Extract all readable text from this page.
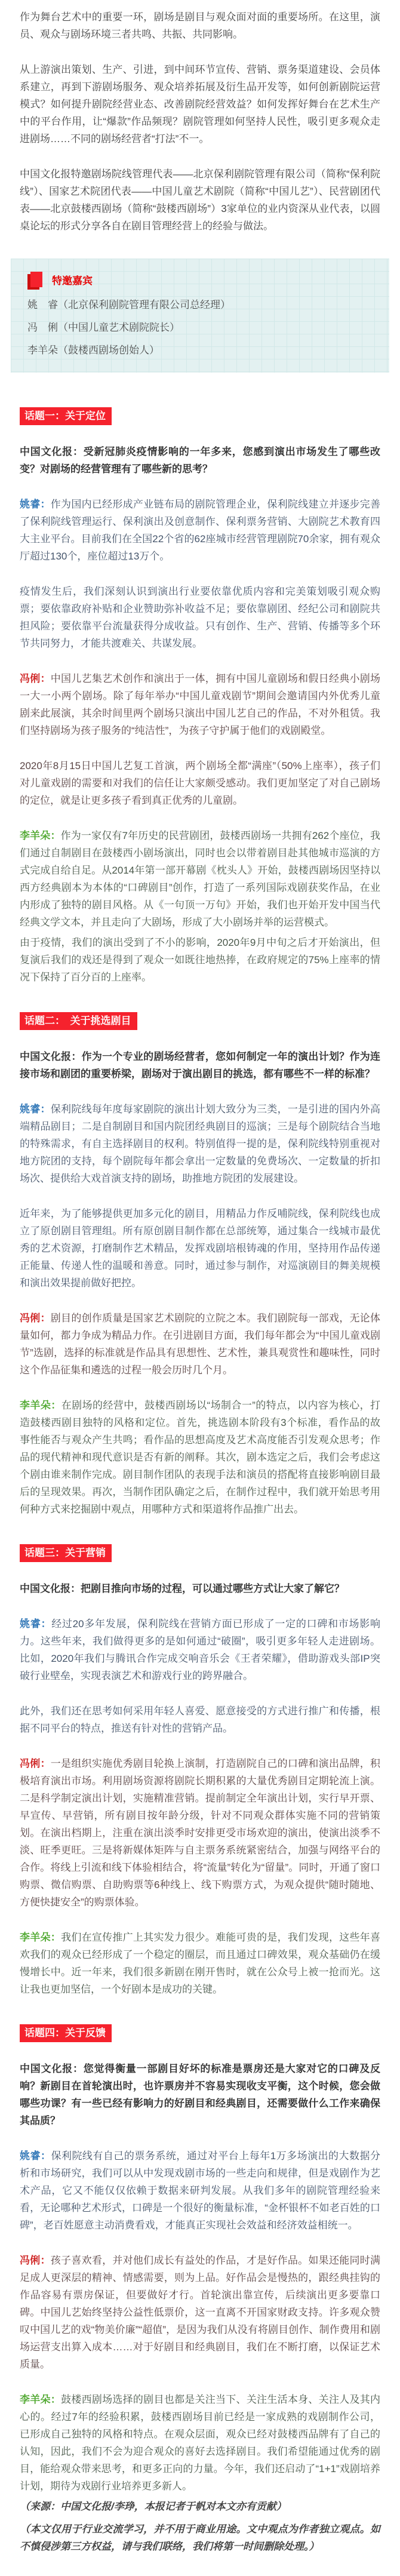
作为舞台艺术中的重要一环，剧场是剧目与观众面对面的重要场所。在这里，演员、观众与剧场环境三者共鸣、共振、共同影响。

从上游演出策划、生产、引进，到中间环节宣传、营销、票务渠道建设、会员体系建立，再到下游剧场服务、观众培养拓展及衍生品开发等，如何创新剧院运营模式？如何提升剧院经营业态、改善剧院经营效益？如何发挥好舞台在艺术生产中的平台作用，让“爆款”作品频现？剧院管理如何坚持人民性，吸引更多观众走进剧场……不同的剧场经营者“打法”不一。

中国文化报特邀剧场院线管理代表——北京保利剧院管理有限公司（简称“保利院线”）、国家艺术院团代表——中国儿童艺术剧院（简称“中国儿艺”）、民营剧团代表——北京鼓楼西剧场（简称“鼓楼西剧场”）3家单位的业内资深从业代表，以圆桌论坛的形式分享各自在剧目管理经营上的经验与做法。

特邀嘉宾

姚　睿（北京保利剧院管理有限公司总经理）

冯　俐（中国儿童艺术剧院院长）

李羊朵（鼓楼西剧场创始人）

话题一：关于定位

中国文化报：受新冠肺炎疫情影响的一年多来，您感到演出市场发生了哪些改变？对剧场的经营管理有了哪些新的思考？

姚睿：作为国内已经形成产业链布局的剧院管理企业，保利院线建立并逐步完善了保利院线管理运行、保利演出及创意制作、保利票务营销、大剧院艺术教育四大主业平台。目前我们在全国22个省的62座城市经营管理剧院70余家，拥有观众厅超过130个，座位超过13万个。

疫情发生后，我们深刻认识到演出行业要依靠优质内容和完美策划吸引观众购票；要依靠政府补贴和企业赞助弥补收益不足；要依靠剧团、经纪公司和剧院共担风险；要依靠平台流量获得分成收益。只有创作、生产、营销、传播等多个环节共同努力，才能共渡难关、共谋发展。

冯俐：中国儿艺集艺术创作和演出于一体，拥有中国儿童剧场和假日经典小剧场一大一小两个剧场。除了每年举办“中国儿童戏剧节”期间会邀请国内外优秀儿童剧来此展演，其余时间里两个剧场只演出中国儿艺自己的作品，不对外租赁。我们坚持剧场为孩子服务的“纯洁性”，为孩子守护属于他们的戏剧殿堂。

2020年8月15日中国儿艺复工首演，两个剧场全都“满座”（50%上座率），孩子们对儿童戏剧的需要和对我们的信任让大家颇受感动。我们更加坚定了对自己剧场的定位，就是让更多孩子看到真正优秀的儿童剧。

李羊朵：作为一家仅有7年历史的民营剧团，鼓楼西剧场一共拥有262个座位，我们通过自制剧目在鼓楼西小剧场演出，同时也会以带着剧目赴其他城市巡演的方式完成自给自足。从2014年第一部开幕剧《枕头人》开始，鼓楼西剧场因坚持以西方经典剧本为本体的“口碑剧目”创作，打造了一系列国际戏剧获奖作品，在业内形成了独特的剧目风格。从《一句顶一万句》开始，我们也开始开发中国当代经典文学文本，并且走向了大剧场，形成了大小剧场并举的运营模式。

由于疫情，我们的演出受到了不小的影响，2020年9月中旬之后才开始演出，但复演后我们的戏还是得到了观众一如既往地热捧，在政府规定的75%上座率的情况下保持了百分百的上座率。

话题二：　关于挑选剧目

中国文化报：作为一个专业的剧场经营者，您如何制定一年的演出计划？作为连接市场和剧团的重要桥梁，剧场对于演出剧目的挑选，都有哪些不一样的标准？

姚睿：保利院线每年度每家剧院的演出计划大致分为三类，一是引进的国内外高端精品剧目；二是自制剧目和国内院团经典剧目的巡演；三是每个剧院结合当地的特殊需求，有自主选择剧目的权利。特别值得一提的是，保利院线特别重视对地方院团的支持，每个剧院每年都会拿出一定数量的免费场次、一定数量的折扣场次、提供给大戏首演支持的剧场，助推地方院团的发展建设。

近年来，为了能够提供更加多元化的剧目，用精品力作反哺院线，保利院线也成立了原创剧目管理组。所有原创剧目制作都在总部统筹，通过集合一线城市最优秀的艺术资源，打磨制作艺术精品，发挥戏剧培根铸魂的作用，坚持用作品传递正能量、传递人性的温暖和善意。同时，通过参与制作，对巡演剧目的舞美规模和演出效果提前做好把控。

冯俐：剧目的创作质量是国家艺术剧院的立院之本。我们剧院每一部戏，无论体量如何，都力争成为精品力作。在引进剧目方面，我们每年都会为“中国儿童戏剧节”选剧，选择的标准就是作品具有思想性、艺术性，兼具观赏性和趣味性，同时这个作品征集和遴选的过程一般会历时几个月。

李羊朵：在剧场的经营中，鼓楼西剧场以“场制合一”的特点，以内容为核心，打造鼓楼西剧目独特的风格和定位。首先，挑选剧本阶段有3个标准，看作品的故事性能否与观众产生共鸣；看作品的思想高度及艺术高度能否引发观众思考；作品的现代精神和现代意识是否有新的阐释。其次，剧本选定之后，我们会考虑这个剧由谁来制作完成。剧目制作团队的表现手法和演员的搭配将直接影响剧目最后的呈现效果。再次，当制作团队确定之后，在制作过程中，我们就开始思考用何种方式来挖掘剧中观点，用哪种方式和渠道将作品推广出去。

话题三：关于营销

中国文化报：把剧目推向市场的过程，可以通过哪些方式让大家了解它？

姚睿：经过20多年发展，保利院线在营销方面已形成了一定的口碑和市场影响力。这些年来，我们做得更多的是如何通过“破圈”，吸引更多年轻人走进剧场。比如，2020年我们与腾讯合作完成交响音乐会《王者荣耀》，借助游戏头部IP突破行业壁垒，实现表演艺术和游戏行业的跨界融合。

此外，我们还在思考如何采用年轻人喜爱、愿意接受的方式进行推广和传播，根据不同平台的特点，推送有针对性的营销产品。

冯俐：一是组织实施优秀剧目轮换上演制，打造剧院自己的口碑和演出品牌，积极培育演出市场。利用剧场资源将剧院长期积累的大量优秀剧目定期轮流上演。二是科学制定演出计划，实施精准营销。提前制定全年演出计划，实行早开票、早宣传、早营销，所有剧目按年龄分级，针对不同观众群体实施不同的营销策划。在演出档期上，注重在演出淡季时安排更受市场欢迎的演出，使演出淡季不淡、旺季更旺。三是将新媒体矩阵与自主票务系统紧密结合，加强与网络平台的合作。将线上引流和线下体验相结合，将“流量”转化为“留量”。同时，开通了窗口购票、微信购票、自助购票等6种线上、线下购票方式，为观众提供“随时随地、方便快捷安全”的购票体验。

李羊朵：我们在宣传推广上其实发力很少。难能可贵的是，我们发现，这些年喜欢我们的观众已经形成了一个稳定的圈层，而且通过口碑效果，观众基础仍在缓慢增长中。近一年来，我们很多新剧在刚开售时，就在公众号上被一抢而光。这让我也更加坚信，一个好剧本是成功的关键。

话题四：关于反馈

中国文化报：您觉得衡量一部剧目好坏的标准是票房还是大家对它的口碑及反响？新剧目在首轮演出时，也许票房并不容易实现收支平衡，这个时候，您会做哪些功课？有一些已经有影响力的好剧目和经典剧目，还需要做什么工作来确保其品质？

姚睿：保利院线有自己的票务系统，通过对平台上每年1万多场演出的大数据分析和市场研究，我们可以从中发现戏剧市场的一些走向和规律，但是戏剧作为艺术产品，它又不能仅仅依赖于数据来研判发展。从我们多年的剧院管理经验来看，无论哪种艺术形式，口碑是一个很好的衡量标准，“金杯银杯不如老百姓的口碑”，老百姓愿意主动消费看戏，才能真正实现社会效益和经济效益相统一。

冯俐：孩子喜欢看，并对他们成长有益处的作品，才是好作品。如果还能同时满足成人更深层的精神、情感需要，则为上品。好作品会是慢热的，跟经典挂钩的作品容易有票房保证，但要做好才行。首轮演出靠宣传，后续演出更多要靠口碑。中国儿艺始终坚持公益性低票价，这一直离不开国家财政支持。许多观众赞叹中国儿艺的戏“物美价廉”“超值”，是因为我们从没有将剧目创作、制作费用和剧场运营支出算入成本……对于好剧目和经典剧目，我们在不断打磨，以保证艺术质量。

李羊朵：鼓楼西剧场选择的剧目也都是关注当下、关注生活本身、关注人及其内心的。经过7年的经验积累，鼓楼西剧场目前已经是一家成熟的戏剧制作公司，已形成自己独特的风格和特点。在观众层面，观众已经对鼓楼西品牌有了自己的认知，因此，我们不会为迎合观众的喜好去选择剧目。我们希望能通过优秀的剧目，能给观众带来思考，和更多正向的力量。今年，我们还启动了“1+1”戏剧培养计划，期待为戏剧行业培养更多新人。

（来源：中国文化报/李琤，本报记者于帆对本文亦有贡献）

（本文仅用于行业交流学习，并不用于商业用途。文中观点为作者独立观点。如不慎侵涉第三方权益，请与我们联络，我们将第一时间删除处理。）
